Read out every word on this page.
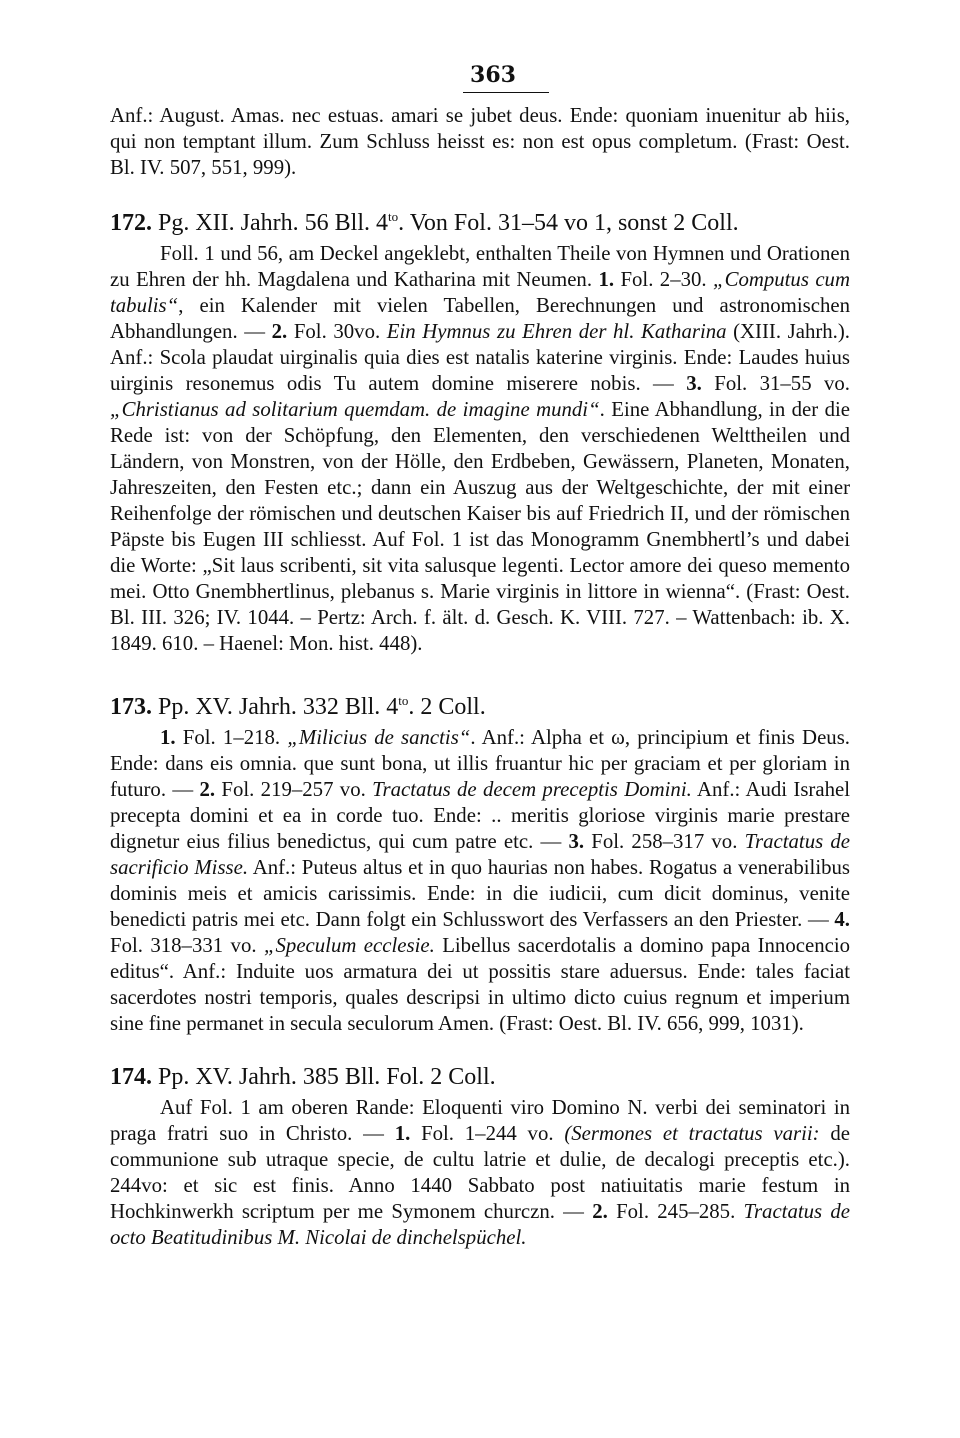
363

Anf.: August. Amas. nec estuas. amari se jubet deus. Ende: quoniam inuenitur ab hiis, qui non temptant illum. Zum Schluss heisst es: non est opus completum. (Frast: Oest. Bl. IV. 507, 551, 999).

172. Pg. XII. Jahrh. 56 Bll. $4^{to}$. Von Fol. 31–54 vo 1, sonst 2 Coll.

Foll. 1 und 56, am Deckel angeklebt, enthalten Theile von Hymnen und Orationen zu Ehren der hh. Magdalena und Katharina mit Neumen. 1. Fol. 2–30. „Computus cum tabulis“, ein Kalender mit vielen Tabellen, Berechnungen und astronomischen Abhandlungen. — 2. Fol. 30vo. Ein Hymnus zu Ehren der hl. Katharina (XIII. Jahrh.). Anf.: Scola plaudat uirginalis quia dies est natalis katerine virginis. Ende: Laudes huius uirginis resonemus odis Tu autem domine miserere nobis. — 3. Fol. 31–55 vo. „Christianus ad solitarium quemdam. de imagine mundi“. Eine Abhandlung, in der die Rede ist: von der Schöpfung, den Elementen, den verschiedenen Welttheilen und Ländern, von Monstren, von der Hölle, den Erdbeben, Gewässern, Planeten, Monaten, Jahreszeiten, den Festen etc.; dann ein Auszug aus der Weltgeschichte, der mit einer Reihenfolge der römischen und deutschen Kaiser bis auf Friedrich II, und der römischen Päpste bis Eugen III schliesst. Auf Fol. 1 ist das Monogramm Gnembhertl’s und dabei die Worte: „Sit laus scribenti, sit vita salusque legenti. Lector amore dei queso memento mei. Otto Gnembhertlinus, plebanus s. Marie virginis in littore in wienna“. (Frast: Oest. Bl. III. 326; IV. 1044. – Pertz: Arch. f. ält. d. Gesch. K. VIII. 727. – Wattenbach: ib. X. 1849. 610. – Haenel: Mon. hist. 448).

173. Pp. XV. Jahrh. 332 Bll. $4^{to}$. 2 Coll.

1. Fol. 1–218. „Milicius de sanctis“. Anf.: Alpha et ω, principium et finis Deus. Ende: dans eis omnia. que sunt bona, ut illis fruantur hic per graciam et per gloriam in futuro. — 2. Fol. 219–257 vo. Tractatus de decem preceptis Domini. Anf.: Audi Israhel precepta domini et ea in corde tuo. Ende: .. meritis gloriose virginis marie prestare dignetur eius filius benedictus, qui cum patre etc. — 3. Fol. 258–317 vo. Tractatus de sacrificio Misse. Anf.: Puteus altus et in quo haurias non habes. Rogatus a venerabilibus dominis meis et amicis carissimis. Ende: in die iudicii, cum dicit dominus, venite benedicti patris mei etc. Dann folgt ein Schlusswort des Verfassers an den Priester. — 4. Fol. 318–331 vo. „Speculum ecclesie. Libellus sacerdotalis a domino papa Innocencio editus“. Anf.: Induite uos armatura dei ut possitis stare aduersus. Ende: tales faciat sacerdotes nostri temporis, quales descripsi in ultimo dicto cuius regnum et imperium sine fine permanet in secula seculorum Amen. (Frast: Oest. Bl. IV. 656, 999, 1031).

174. Pp. XV. Jahrh. 385 Bll. Fol. 2 Coll.

Auf Fol. 1 am oberen Rande: Eloquenti viro Domino N. verbi dei seminatori in praga fratri suo in Christo. — 1. Fol. 1–244 vo. (Sermones et tractatus varii: de communione sub utraque specie, de cultu latrie et dulie, de decalogi preceptis etc.). 244vo: et sic est finis. Anno 1440 Sabbato post natiuitatis marie festum in Hochkinwerkh scriptum per me Symonem churczn. — 2. Fol. 245–285. Tractatus de octo Beatitudinibus M. Nicolai de dinchelspüchel.
